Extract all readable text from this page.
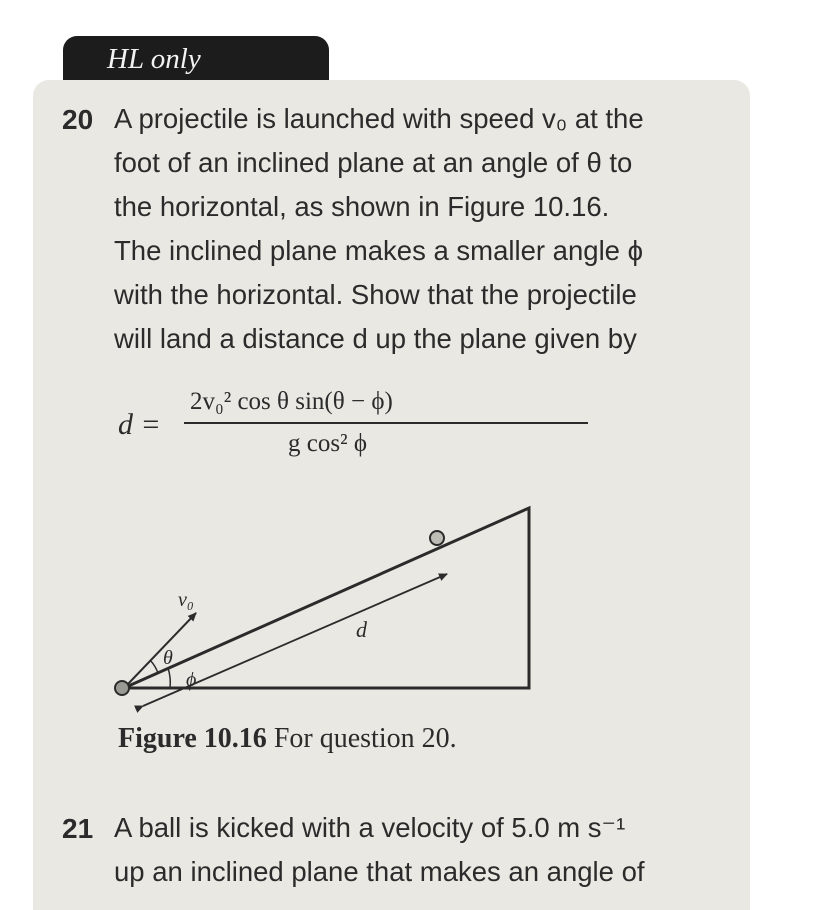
HL only
20 A projectile is launched with speed v₀ at the
foot of an inclined plane at an angle of θ to
the horizontal, as shown in Figure 10.16.
The inclined plane makes a smaller angle ϕ
with the horizontal. Show that the projectile
will land a distance d up the plane given by
d =
2v₀² cos θ sin(θ − ϕ)
g cos² ϕ
v₀
θ
ϕ
d
Figure 10.16 For question 20.
21 A ball is kicked with a velocity of 5.0 m s⁻¹
up an inclined plane that makes an angle of
